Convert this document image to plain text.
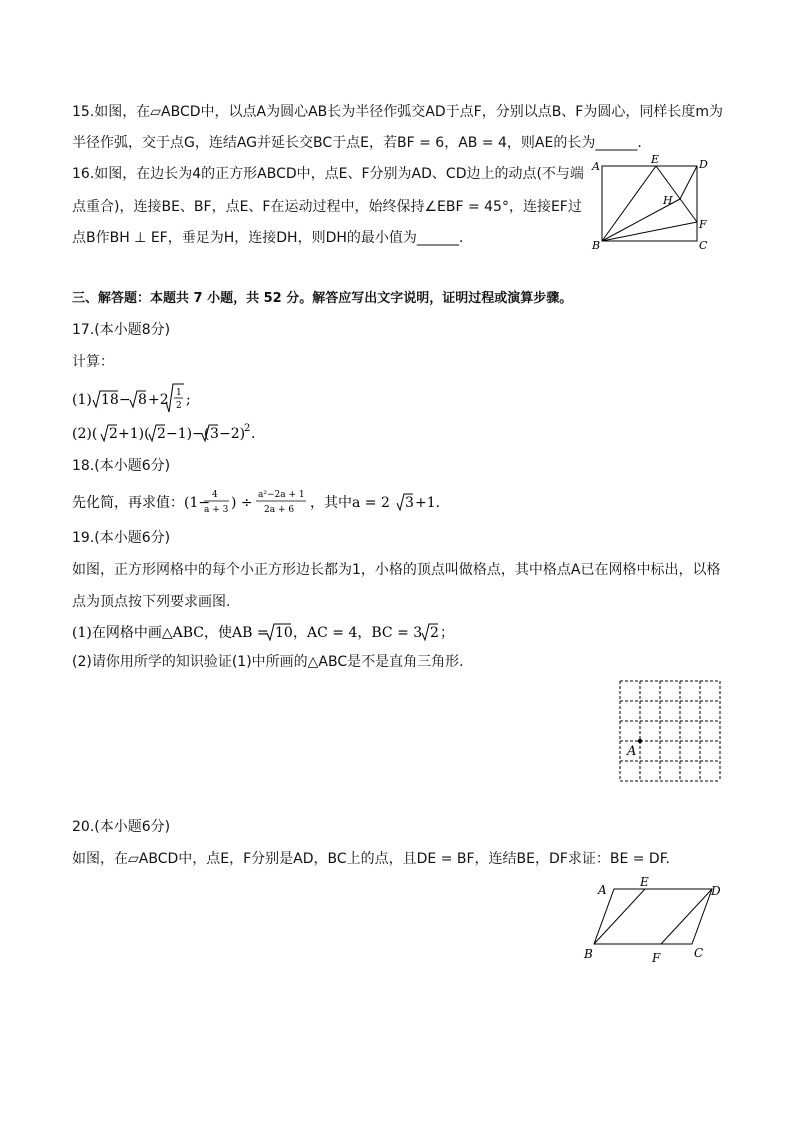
15.如图，在▱ABCD中，以点A为圆心AB长为半径作弧交AD于点F，分别以点B、F为圆心，同样长度m为
半径作弧，交于点G，连结AG并延长交BC于点E，若BF = 6，AB = 4，则AE的长为______.
16.如图，在边长为4的正方形ABCD中，点E、F分别为AD、CD边上的动点(不与端
点重合)，连接BE、BF，点E、F在运动过程中，始终保持∠EBF = 45°，连接EF过
点B作BH ⊥ EF，垂足为H，连接DH，则DH的最小值为______.
A
E	D
H
F
B	C
三、解答题：本题共 7 小题，共 52 分。解答应写出文字说明，证明过程或演算步骤。
17.(本小题8分)
计算：
(1) 18 − 8 +2 1
2 ;
(2)( 2 +1)( 2 −1)−( 3 −2)
2 .
18.(本小题6分)
先化简，再求值：(1− 4
a + 3 ) ÷ a²−2a + 1
2a + 6 ，其中a = 2 3 +1.
19.(本小题6分)
如图，正方形网格中的每个小正方形边长都为1，小格的顶点叫做格点，其中格点A已在网格中标出，以格
点为顶点按下列要求画图.
(1)在网格中画△ABC，使AB = 10 ，AC = 4，BC = 3 2 ；
(2)请你用所学的知识验证(1)中所画的△ABC是不是直角三角形.
A
20.(本小题6分)
如图，在▱ABCD中，点E，F分别是AD，BC上的点，且DE = BF，连结BE，DF求证：BE = DF.
A
E
D
B	F	C
